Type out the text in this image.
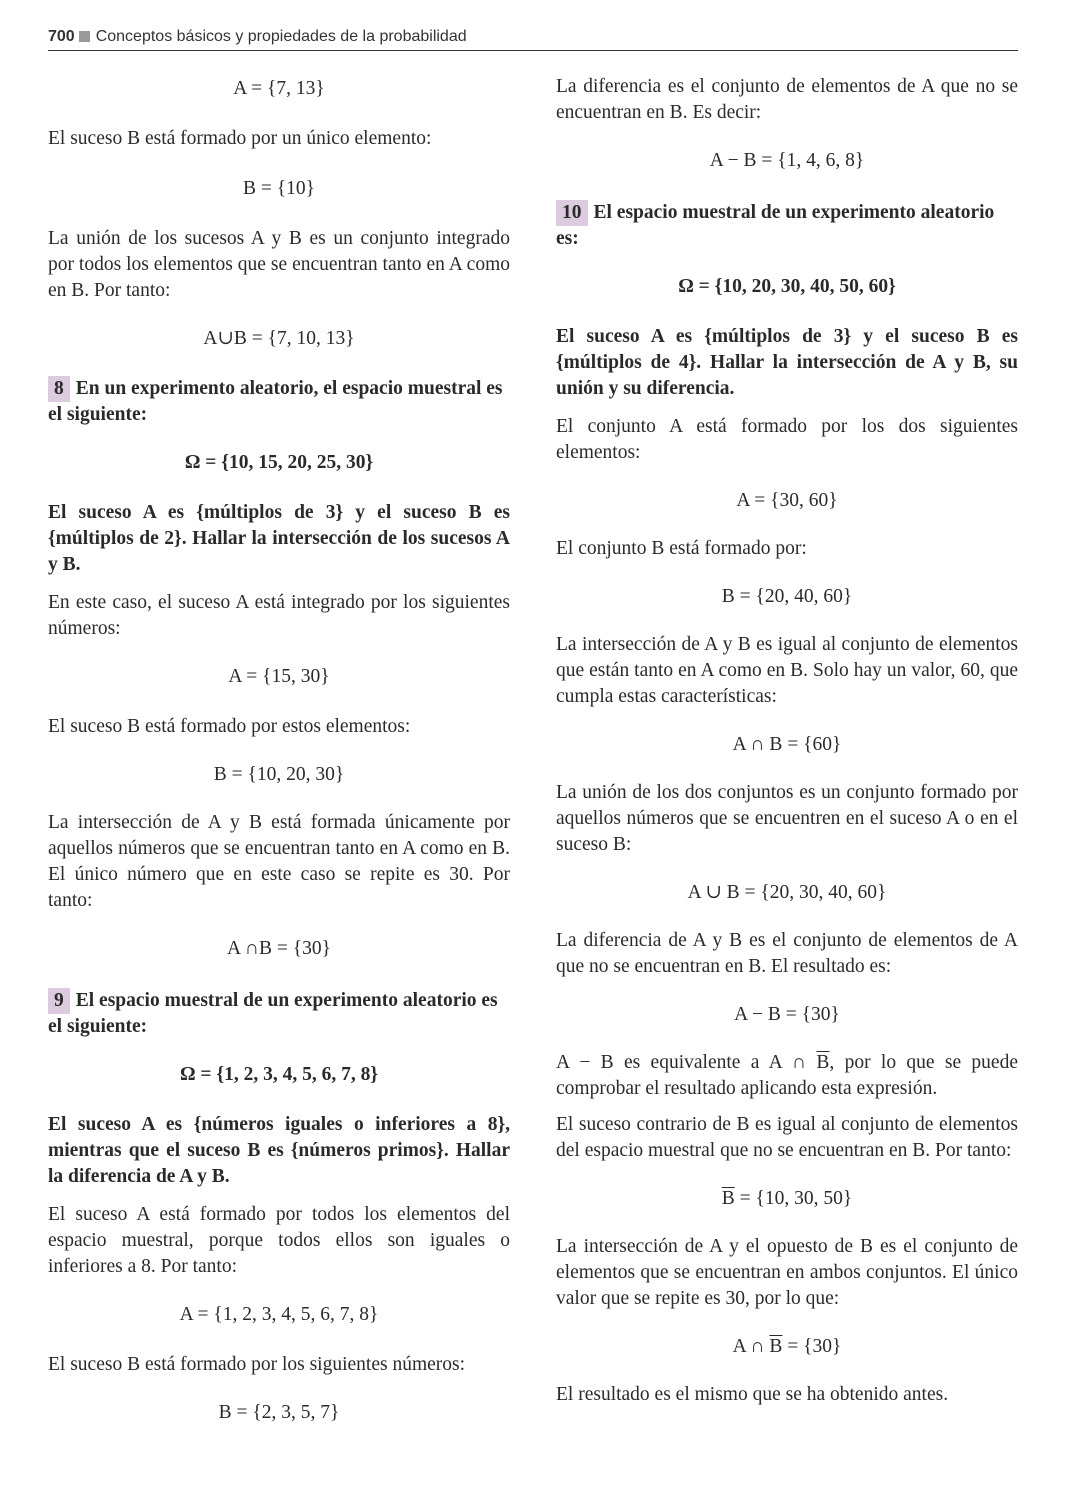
700 Conceptos básicos y propiedades de la probabilidad
A = {7, 13}

El suceso B está formado por un único elemento:

B = {10}

La unión de los sucesos A y B es un conjunto integrado por todos los elementos que se encuentran tanto en A como en B. Por tanto:

A∪B = {7, 10, 13}

8 En un experimento aleatorio, el espacio muestral es el siguiente:

Ω = {10, 15, 20, 25, 30}

El suceso A es {múltiplos de 3} y el suceso B es {múltiplos de 2}. Hallar la intersección de los sucesos A y B.

En este caso, el suceso A está integrado por los siguientes números:

A = {15, 30}

El suceso B está formado por estos elementos:

B = {10, 20, 30}

La intersección de A y B está formada únicamente por aquellos números que se encuentran tanto en A como en B. El único número que en este caso se repite es 30. Por tanto:

A ∩B = {30}

9 El espacio muestral de un experimento aleatorio es el siguiente:

Ω = {1, 2, 3, 4, 5, 6, 7, 8}

El suceso A es {números iguales o inferiores a 8}, mientras que el suceso B es {números primos}. Hallar la diferencia de A y B.

El suceso A está formado por todos los elementos del espacio muestral, porque todos ellos son iguales o inferiores a 8. Por tanto:

A = {1, 2, 3, 4, 5, 6, 7, 8}

El suceso B está formado por los siguientes números:

B = {2, 3, 5, 7}

La diferencia es el conjunto de elementos de A que no se encuentran en B. Es decir:

A − B = {1, 4, 6, 8}

10 El espacio muestral de un experimento aleatorio es:

Ω = {10, 20, 30, 40, 50, 60}

El suceso A es {múltiplos de 3} y el suceso B es {múltiplos de 4}. Hallar la intersección de A y B, su unión y su diferencia.

El conjunto A está formado por los dos siguientes elementos:

A = {30, 60}

El conjunto B está formado por:

B = {20, 40, 60}

La intersección de A y B es igual al conjunto de elementos que están tanto en A como en B. Solo hay un valor, 60, que cumpla estas características:

A ∩ B = {60}

La unión de los dos conjuntos es un conjunto formado por aquellos números que se encuentren en el suceso A o en el suceso B:

A ∪ B = {20, 30, 40, 60}

La diferencia de A y B es el conjunto de elementos de A que no se encuentran en B. El resultado es:

A − B = {30}

A − B es equivalente a A ∩ $\overline{B}$, por lo que se puede comprobar el resultado aplicando esta expresión.

El suceso contrario de B es igual al conjunto de elementos del espacio muestral que no se encuentran en B. Por tanto:

$\overline{B} = \{10$, 30, 50}

La intersección de A y el opuesto de B es el conjunto de elementos que se encuentran en ambos conjuntos. El único valor que se repite es 30, por lo que:

A ∩ $\overline{B} = \{30\}$

El resultado es el mismo que se ha obtenido antes.
